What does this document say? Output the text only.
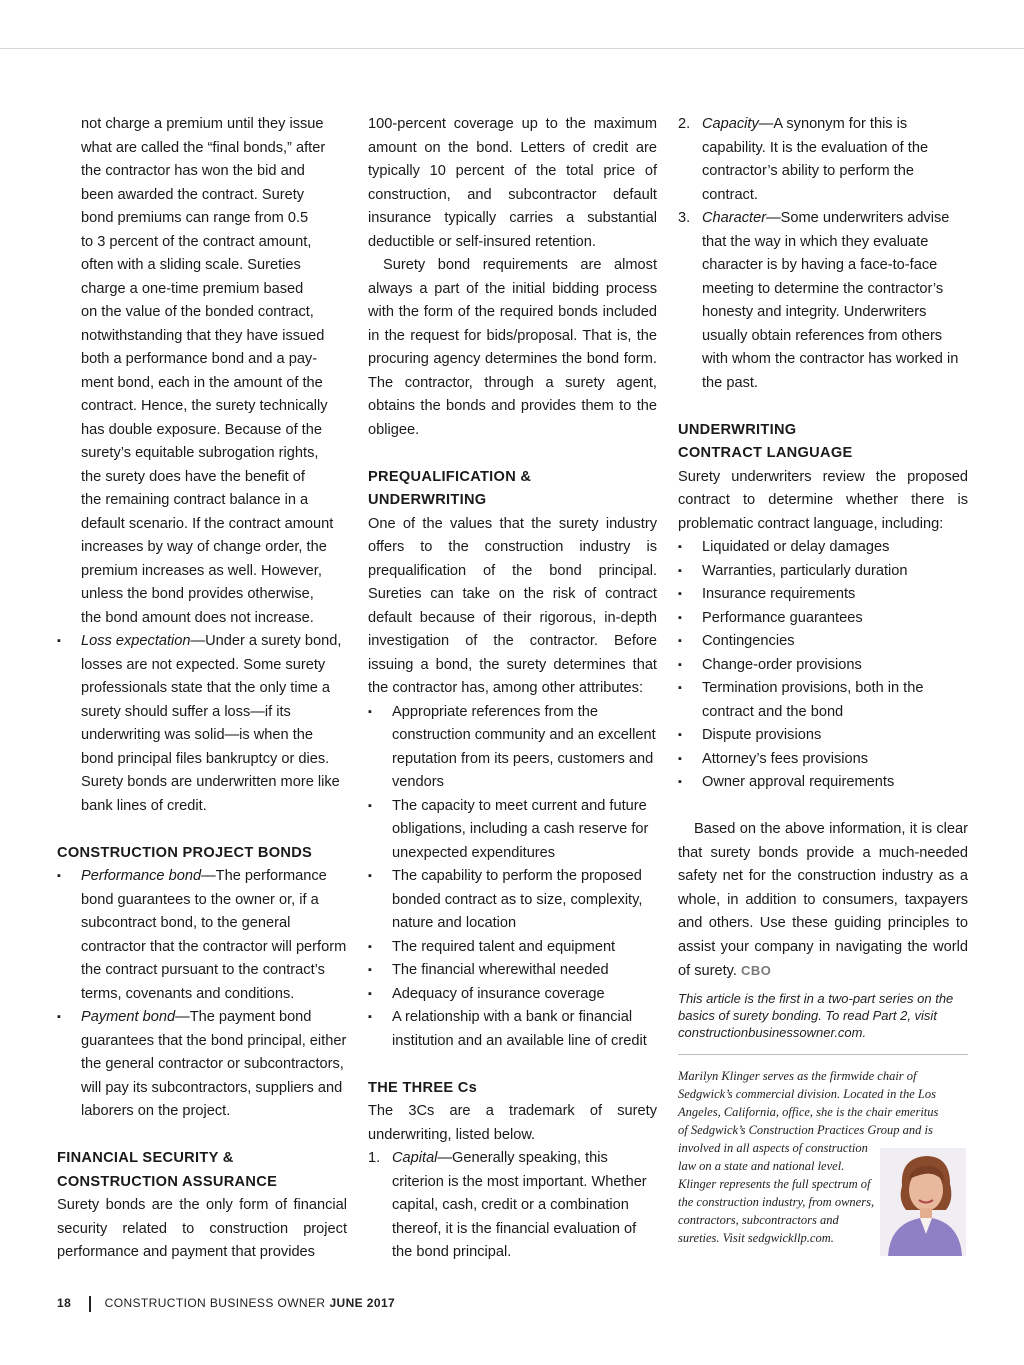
not charge a premium until they issue
what are called the “final bonds,” after
the contractor has won the bid and
been awarded the contract. Surety
bond premiums can range from 0.5
to 3 percent of the contract amount,
often with a sliding scale. Sureties
charge a one-time premium based
on the value of the bonded contract,
notwithstanding that they have issued
both a performance bond and a pay-
ment bond, each in the amount of the
contract. Hence, the surety technically
has double exposure. Because of the
surety’s equitable subrogation rights,
the surety does have the benefit of
the remaining contract balance in a
default scenario. If the contract amount
increases by way of change order, the
premium increases as well. However,
unless the bond provides otherwise,
the bond amount does not increase.
▪ Loss expectation—Under a surety bond, losses are not expected. Some surety professionals state that the only time a surety should suffer a loss—if its underwriting was solid—is when the bond principal files bankruptcy or dies. Surety bonds are underwritten more like bank lines of credit.

CONSTRUCTION PROJECT BONDS

▪ Performance bond—The performance bond guarantees to the owner or, if a subcontract bond, to the general contractor that the contractor will perform the contract pursuant to the contract’s terms, covenants and conditions.
▪ Payment bond—The payment bond guarantees that the bond principal, either the general contractor or subcontractors, will pay its subcontractors, suppliers and laborers on the project.

FINANCIAL SECURITY &

CONSTRUCTION ASSURANCE

Surety bonds are the only form of financial security related to construction project performance and payment that provides

100-percent coverage up to the maximum amount on the bond. Letters of credit are typically 10 percent of the total price of construction, and subcontractor default insurance typically carries a substantial deductible or self-insured retention.

Surety bond requirements are almost always a part of the initial bidding process with the form of the required bonds included in the request for bids/proposal. That is, the procuring agency determines the bond form. The contractor, through a surety agent, obtains the bonds and provides them to the obligee.

PREQUALIFICATION &

UNDERWRITING

One of the values that the surety industry offers to the construction industry is prequalification of the bond principal. Sureties can take on the risk of contract default because of their rigorous, in-depth investigation of the contractor. Before issuing a bond, the surety determines that the contractor has, among other attributes:

▪ Appropriate references from the construction community and an excellent reputation from its peers, customers and vendors
▪ The capacity to meet current and future obligations, including a cash reserve for unexpected expenditures
▪ The capability to perform the proposed bonded contract as to size, complexity, nature and location
▪ The required talent and equipment
▪ The financial wherewithal needed
▪ Adequacy of insurance coverage
▪ A relationship with a bank or financial institution and an available line of credit

THE THREE Cs

The 3Cs are a trademark of surety underwriting, listed below.

1. Capital—Generally speaking, this criterion is the most important. Whether capital, cash, credit or a combination thereof, it is the financial evaluation of the bond principal.
2. Capacity—A synonym for this is capability. It is the evaluation of the contractor’s ability to perform the contract.
3. Character—Some underwriters advise that the way in which they evaluate character is by having a face-to-face meeting to determine the contractor’s honesty and integrity. Underwriters usually obtain references from others with whom the contractor has worked in the past.

UNDERWRITING

CONTRACT LANGUAGE

Surety underwriters review the proposed contract to determine whether there is problematic contract language, including:

▪ Liquidated or delay damages
▪ Warranties, particularly duration
▪ Insurance requirements
▪ Performance guarantees
▪ Contingencies
▪ Change-order provisions
▪ Termination provisions, both in the contract and the bond
▪ Dispute provisions
▪ Attorney’s fees provisions
▪ Owner approval requirements

Based on the above information, it is clear that surety bonds provide a much-needed safety net for the construction industry as a whole, in addition to consumers, taxpayers and others. Use these guiding principles to assist your company in navigating the world of surety. CBO

This article is the first in a two-part series on the basics of surety bonding. To read Part 2, visit constructionbusinessowner.com.

Marilyn Klinger serves as the firmwide chair of
Sedgwick’s commercial division. Located in the Los
Angeles, California, office, she is the chair emeritus
of Sedgwick’s Construction Practices Group and is
involved in all aspects of construction
law on a state and national level.
Klinger represents the full spectrum of
the construction industry, from owners,
contractors, subcontractors and
sureties. Visit sedgwickllp.com.
18	CONSTRUCTION BUSINESS OWNER JUNE 2017
